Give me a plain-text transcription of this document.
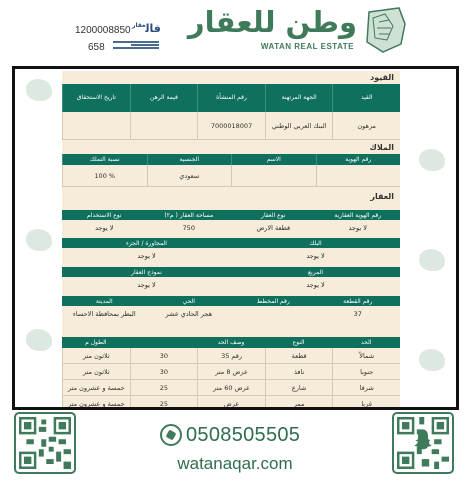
وطن للعقار
WATAN REAL ESTATE
فال$^{عقار}$
1200008850
658
القيود
القيد
الجهة المرتهنة
رقم المنشأة
قيمة الرهن
تاريخ الاستحقاق
مرهون
البنك العربي الوطني
7000018007
الملاك
رقم الهوية
الاسم
الجنسية
نسبة التملك
سعودي
% 100
العقار
رقم الهوية العقارية
نوع العقار
مساحة العقار ( م٢)
نوع الاستخدام
لا يوجد
قطعة الارض
750
لا يوجد
البلك
المجاورة / الجزء
لا يوجد
لا يوجد
المربع
نموذج العقار
لا يوجد
لا يوجد
رقم القطعة
رقم المخطط
الحي
المدينة
37
هجر الحادي عشر
البطر بمحافظة الاحساء
الحد
النوع
وصف الحد
الطول م
شمالاً
قطعة
رقم 35
30
ثلاثون متر
جنوبا
نافذ
عرض 8 متر
30
ثلاثون متر
شرقا
شارع
عرض 60 متر
25
خمسة و عشرون متر
غربا
ممر
عرض
25
خمسة و عشرون متر
0508505505
watanaqar.com
